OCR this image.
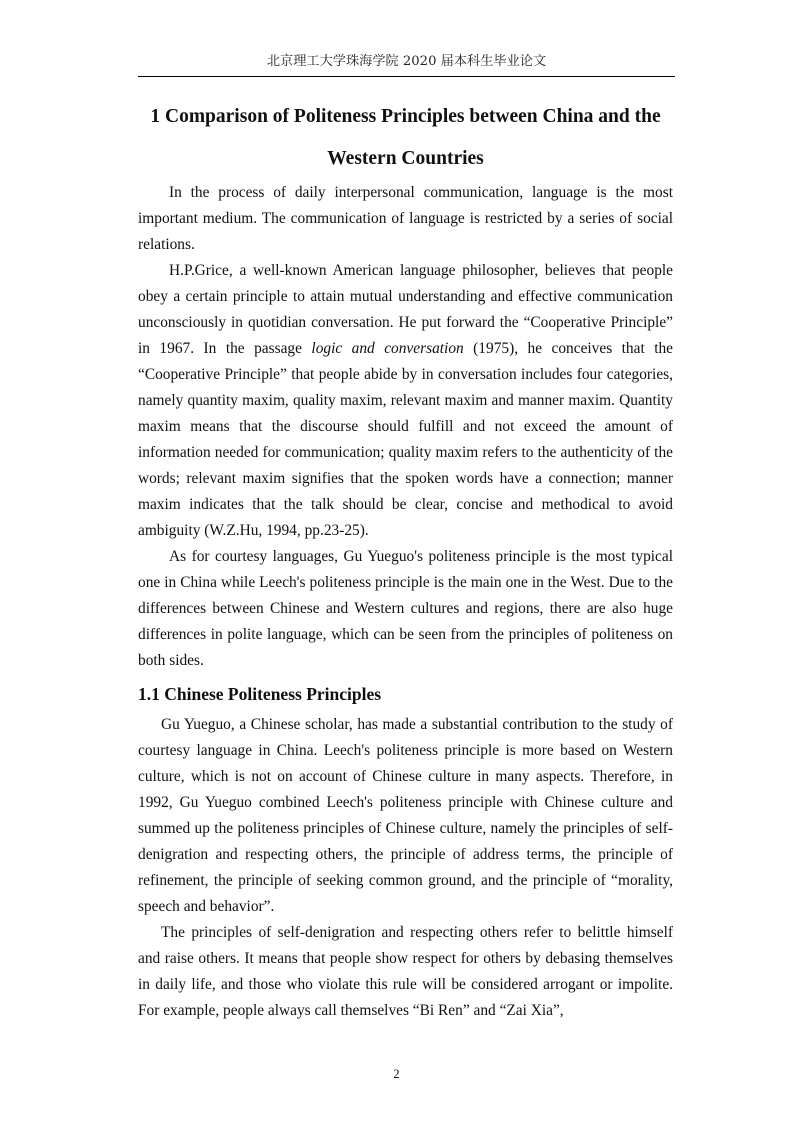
北京理工大学珠海学院 2020 届本科生毕业论文
1 Comparison of Politeness Principles between China and the Western Countries

In the process of daily interpersonal communication, language is the most important medium. The communication of language is restricted by a series of social relations.

H.P.Grice, a well-known American language philosopher, believes that people obey a certain principle to attain mutual understanding and effective communication unconsciously in quotidian conversation. He put forward the “Cooperative Principle” in 1967. In the passage logic and conversation (1975), he conceives that the “Cooperative Principle” that people abide by in conversation includes four categories, namely quantity maxim, quality maxim, relevant maxim and manner maxim. Quantity maxim means that the discourse should fulfill and not exceed the amount of information needed for communication; quality maxim refers to the authenticity of the words; relevant maxim signifies that the spoken words have a connection; manner maxim indicates that the talk should be clear, concise and methodical to avoid ambiguity (W.Z.Hu, 1994, pp.23-25).

As for courtesy languages, Gu Yueguo's politeness principle is the most typical one in China while Leech's politeness principle is the main one in the West. Due to the differences between Chinese and Western cultures and regions, there are also huge differences in polite language, which can be seen from the principles of politeness on both sides.

1.1 Chinese Politeness Principles

Gu Yueguo, a Chinese scholar, has made a substantial contribution to the study of courtesy language in China. Leech's politeness principle is more based on Western culture, which is not on account of Chinese culture in many aspects. Therefore, in 1992, Gu Yueguo combined Leech's politeness principle with Chinese culture and summed up the politeness principles of Chinese culture, namely the principles of self-denigration and respecting others, the principle of address terms, the principle of refinement, the principle of seeking common ground, and the principle of “morality, speech and behavior”.

The principles of self-denigration and respecting others refer to belittle himself and raise others. It means that people show respect for others by debasing themselves in daily life, and those who violate this rule will be considered arrogant or impolite. For example, people always call themselves “Bi Ren” and “Zai Xia”,

2
